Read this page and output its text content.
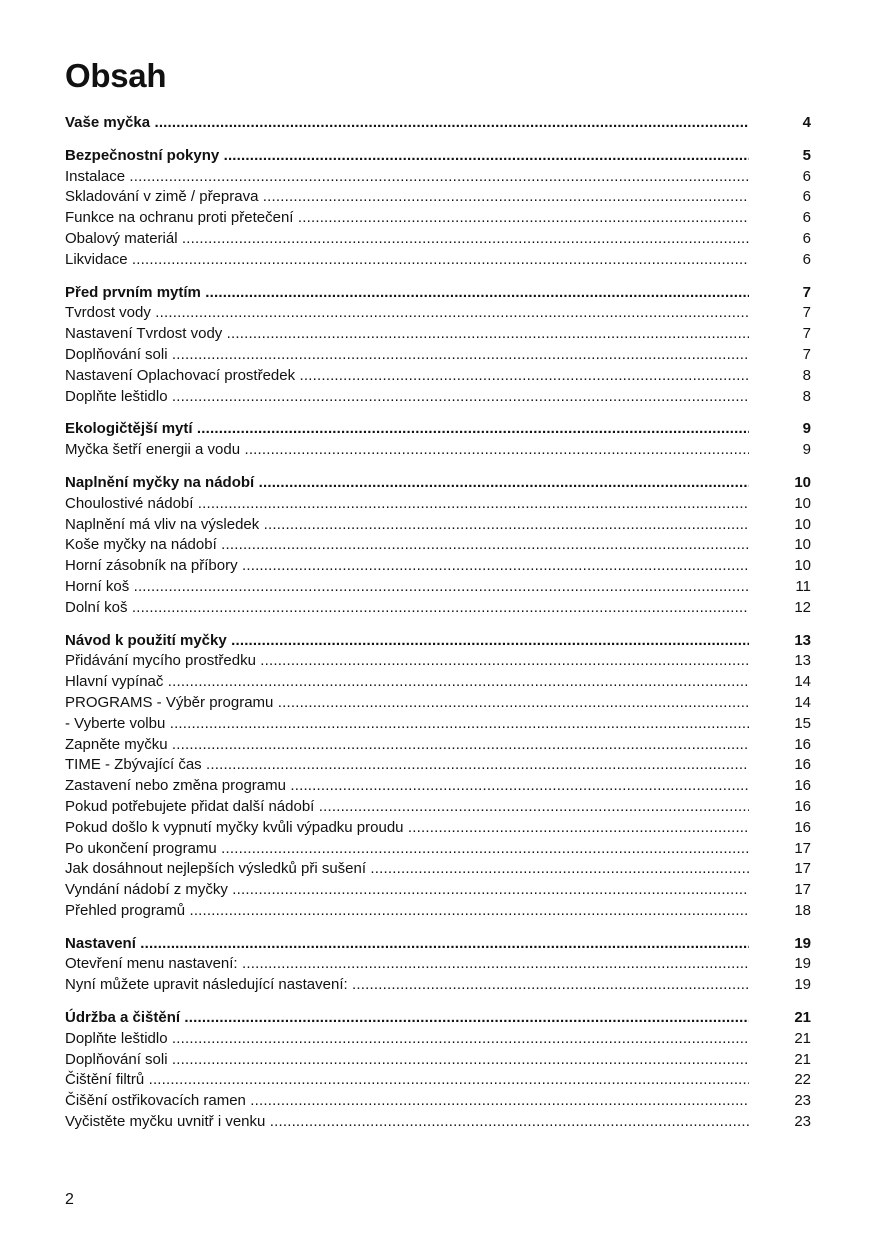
Obsah
Vaše myčka .....	4
Bezpečnostní pokyny .....	5
Instalace .....	6
Skladování v zimě / přeprava .....	6
Funkce na ochranu proti přetečení .....	6
Obalový materiál .....	6
Likvidace .....	6
Před prvním mytím .....	7
Tvrdost vody .....	7
Nastavení Tvrdost vody .....	7
Doplňování soli .....	7
Nastavení Oplachovací prostředek .....	8
Doplňte leštidlo .....	8
Ekologičtější mytí .....	9
Myčka šetří energii a vodu .....	9
Naplnění myčky na nádobí .....	10
Choulostivé nádobí .....	10
Naplnění má vliv na výsledek .....	10
Koše myčky na nádobí .....	10
Horní zásobník na příbory .....	10
Horní koš .....	11
Dolní koš .....	12
Návod k použití myčky .....	13
Přidávání mycího prostředku .....	13
Hlavní vypínač .....	14
PROGRAMS - Výběr programu .....	14
- Vyberte volbu .....	15
Zapněte myčku .....	16
TIME - Zbývající čas .....	16
Zastavení nebo změna programu .....	16
Pokud potřebujete přidat další nádobí .....	16
Pokud došlo k vypnutí myčky kvůli výpadku proudu .....	16
Po ukončení programu .....	17
Jak dosáhnout nejlepších výsledků při sušení .....	17
Vyndání nádobí z myčky .....	17
Přehled programů .....	18
Nastavení .....	19
Otevření menu nastavení: .....	19
Nyní můžete upravit následující nastavení: .....	19
Údržba a čištění .....	21
Doplňte leštidlo .....	21
Doplňování soli .....	21
Čištění filtrů .....	22
Čišění ostřikovacích ramen .....	23
Vyčistěte myčku uvnitř i venku .....	23
2
